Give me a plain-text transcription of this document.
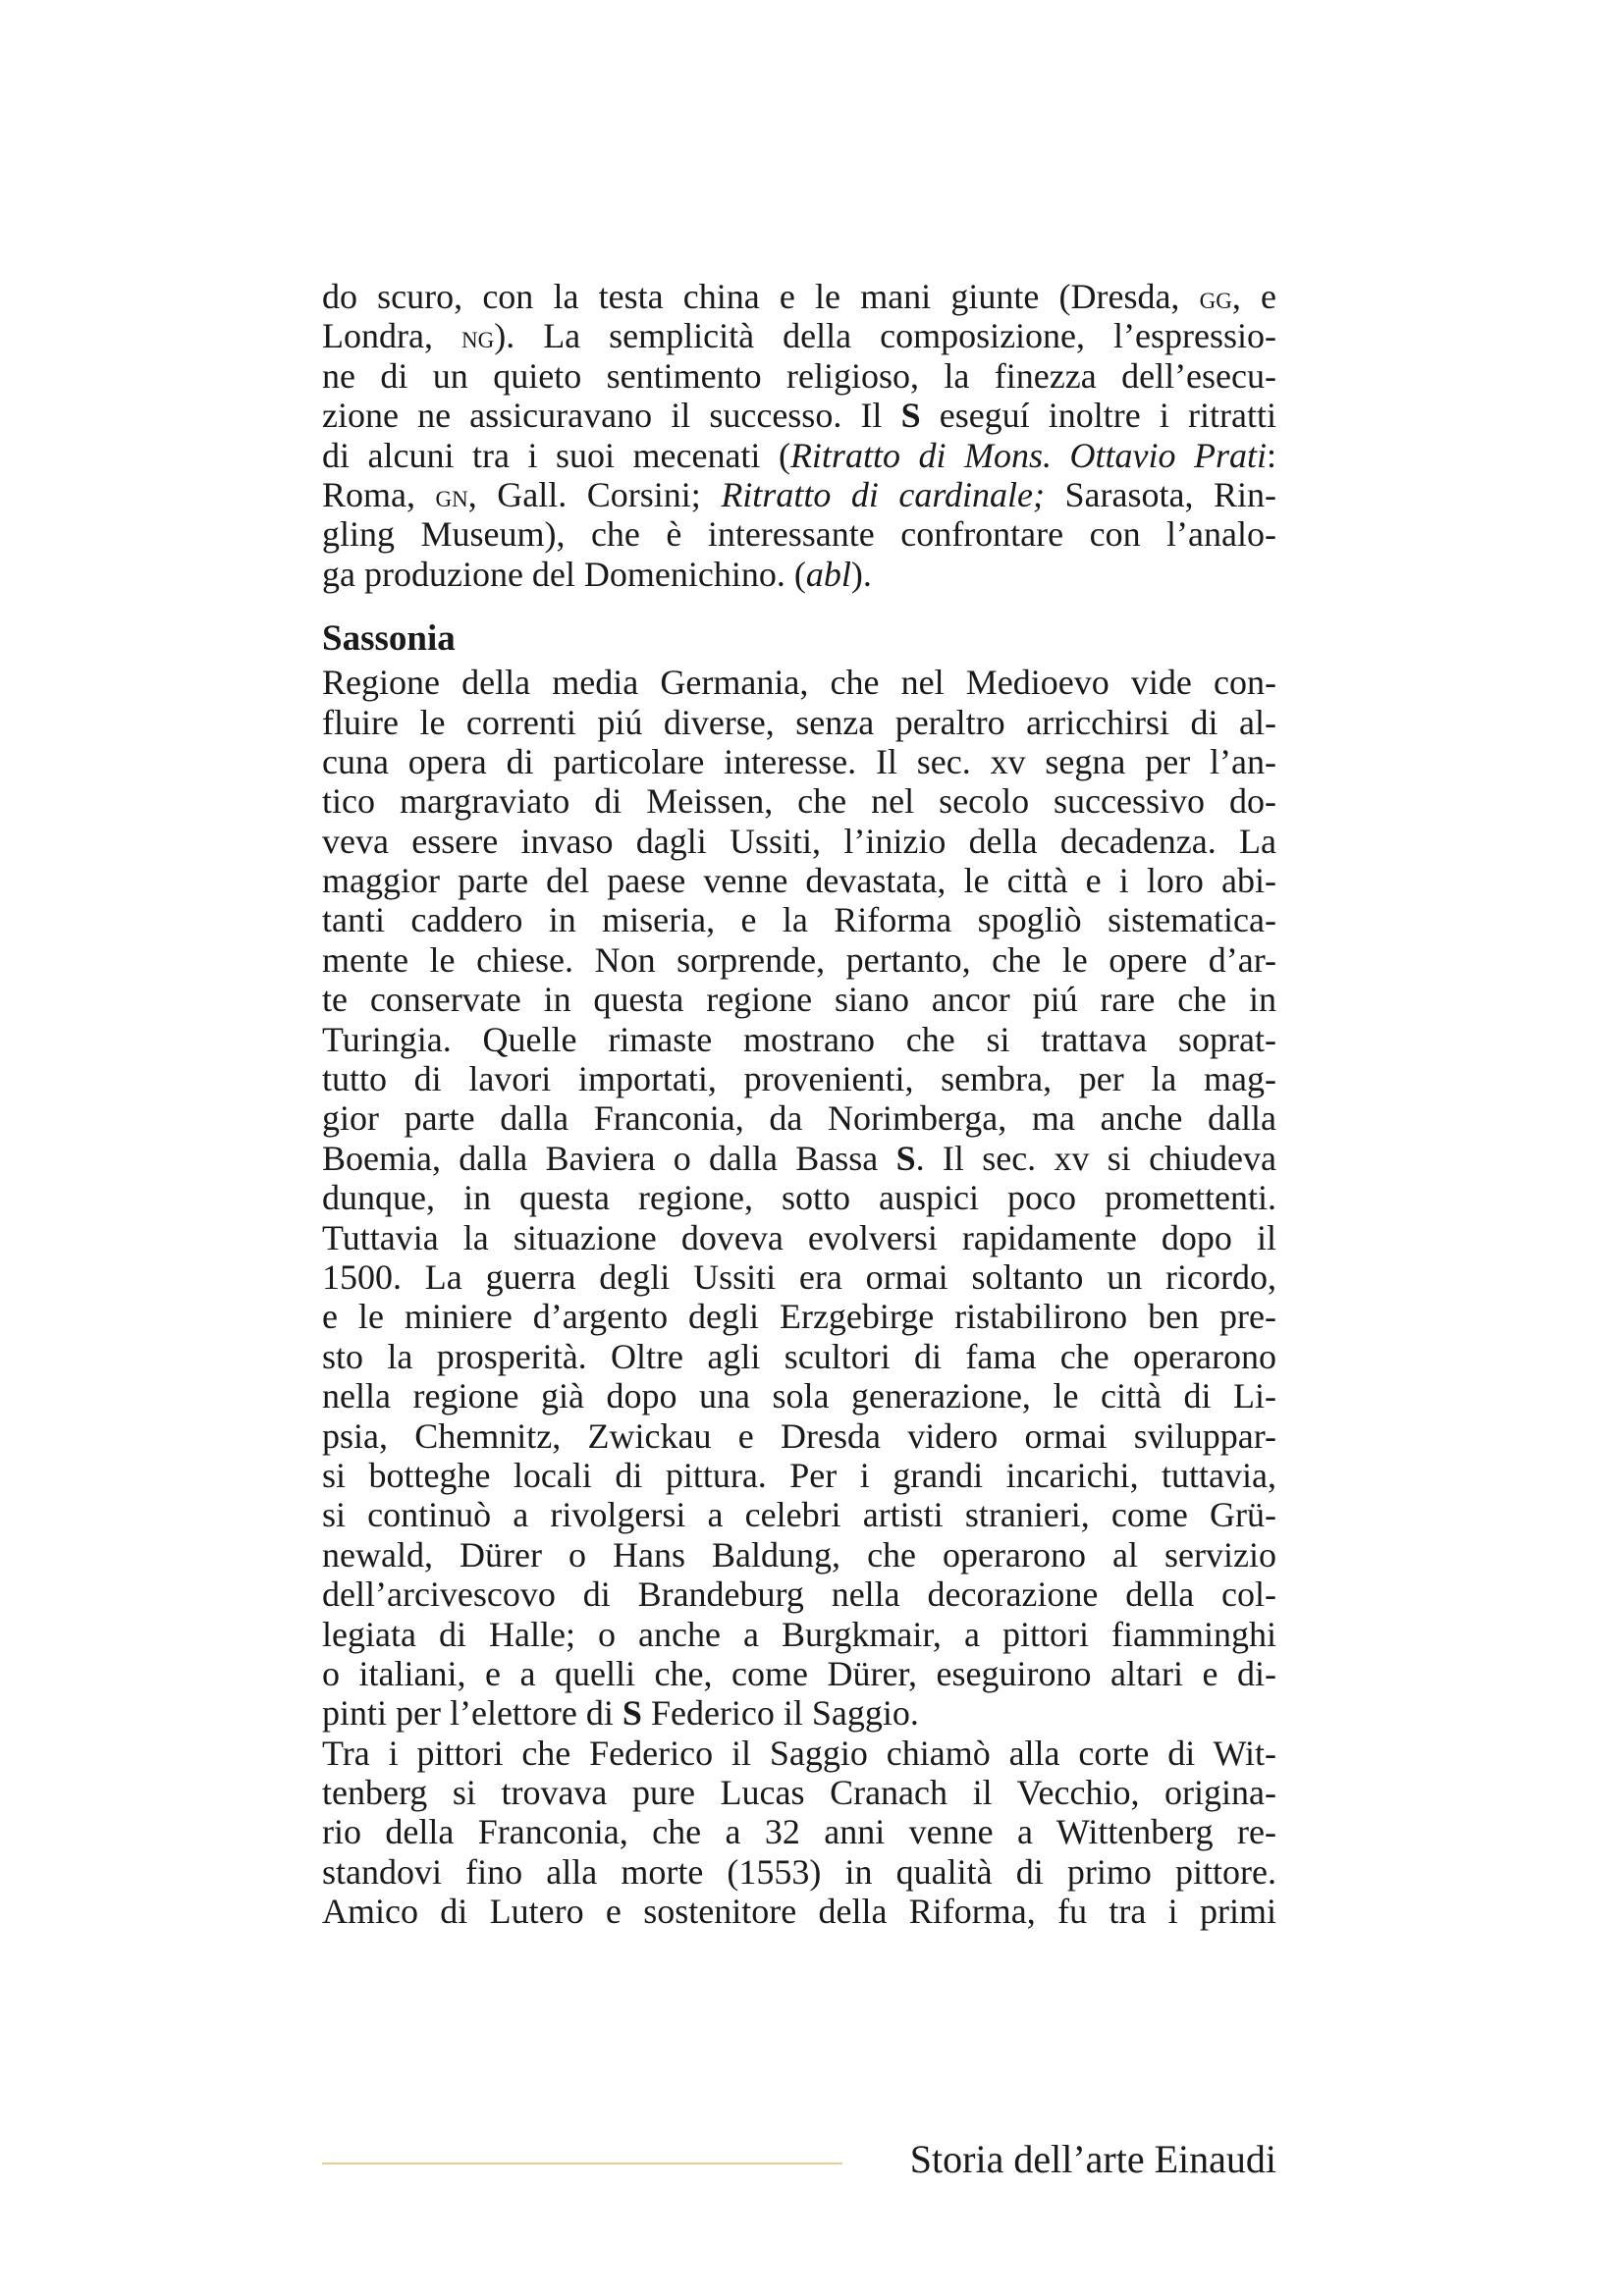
do scuro, con la testa china e le mani giunte (Dresda, gg, e
Londra, ng). La semplicità della composizione, l’espressio-
ne di un quieto sentimento religioso, la finezza dell’esecu-
zione ne assicuravano il successo. Il S eseguí inoltre i ritratti
di alcuni tra i suoi mecenati (Ritratto di Mons. Ottavio Prati:
Roma, gn, Gall. Corsini; Ritratto di cardinale; Sarasota, Rin-
gling Museum), che è interessante confrontare con l’analo-
ga produzione del Domenichino. (abl).
Sassonia
Regione della media Germania, che nel Medioevo vide con-
fluire le correnti piú diverse, senza peraltro arricchirsi di al-
cuna opera di particolare interesse. Il sec. xv segna per l’an-
tico margraviato di Meissen, che nel secolo successivo do-
veva essere invaso dagli Ussiti, l’inizio della decadenza. La
maggior parte del paese venne devastata, le città e i loro abi-
tanti caddero in miseria, e la Riforma spogliò sistematica-
mente le chiese. Non sorprende, pertanto, che le opere d’ar-
te conservate in questa regione siano ancor piú rare che in
Turingia. Quelle rimaste mostrano che si trattava soprat-
tutto di lavori importati, provenienti, sembra, per la mag-
gior parte dalla Franconia, da Norimberga, ma anche dalla
Boemia, dalla Baviera o dalla Bassa S. Il sec. xv si chiudeva
dunque, in questa regione, sotto auspici poco promettenti.
Tuttavia la situazione doveva evolversi rapidamente dopo il
1500. La guerra degli Ussiti era ormai soltanto un ricordo,
e le miniere d’argento degli Erzgebirge ristabilirono ben pre-
sto la prosperità. Oltre agli scultori di fama che operarono
nella regione già dopo una sola generazione, le città di Li-
psia, Chemnitz, Zwickau e Dresda videro ormai sviluppar-
si botteghe locali di pittura. Per i grandi incarichi, tuttavia,
si continuò a rivolgersi a celebri artisti stranieri, come Grü-
newald, Dürer o Hans Baldung, che operarono al servizio
dell’arcivescovo di Brandeburg nella decorazione della col-
legiata di Halle; o anche a Burgkmair, a pittori fiamminghi
o italiani, e a quelli che, come Dürer, eseguirono altari e di-
pinti per l’elettore di S Federico il Saggio.
Tra i pittori che Federico il Saggio chiamò alla corte di Wit-
tenberg si trovava pure Lucas Cranach il Vecchio, origina-
rio della Franconia, che a 32 anni venne a Wittenberg re-
standovi fino alla morte (1553) in qualità di primo pittore.
Amico di Lutero e sostenitore della Riforma, fu tra i primi
Storia dell’arte Einaudi
